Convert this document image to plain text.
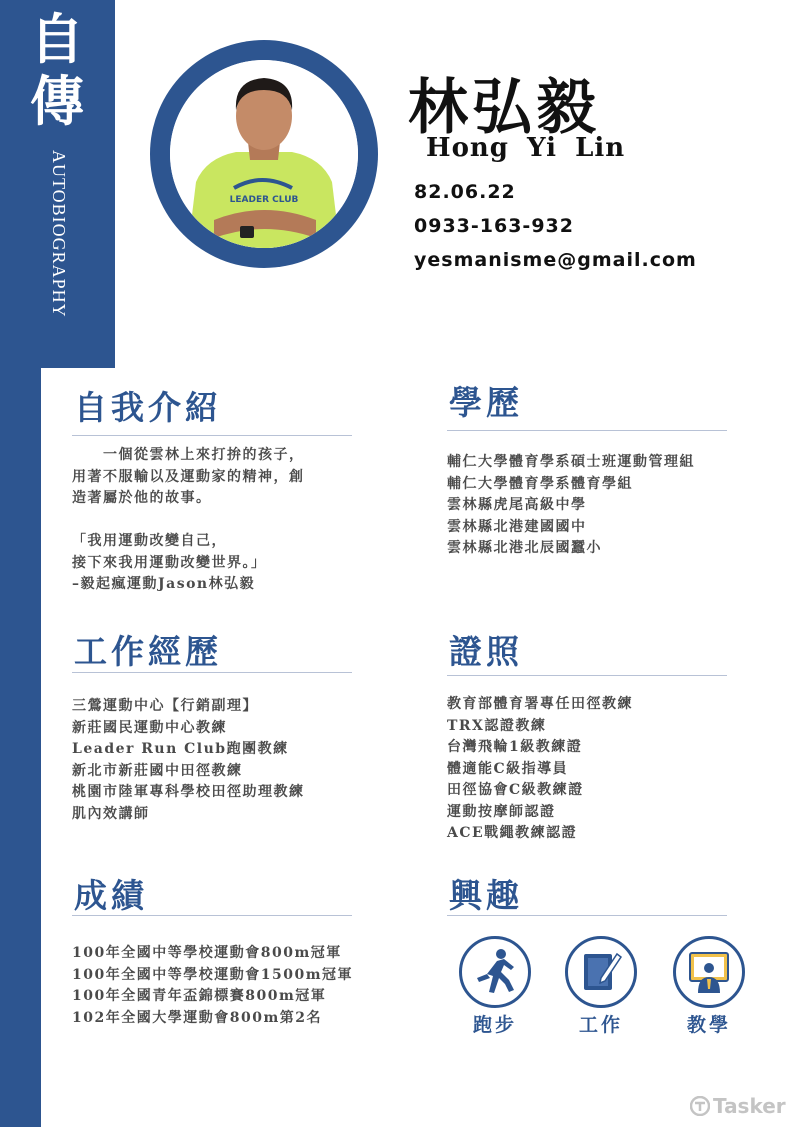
自傳
AUTOBIOGRAPHY	LEADER CLUB
林弘毅
Hong Yi Lin
82.06.22
0933-163-932
yesmanisme@gmail.com
自我介紹
　　一個從雲林上來打拚的孩子，
用著不服輸以及運動家的精神，創
造著屬於他的故事。
「我用運動改變自己，
接下來我用運動改變世界。」
–毅起瘋運動Jason林弘毅
學歷
輔仁大學體育學系碩士班運動管理組
輔仁大學體育學系體育學組
雲林縣虎尾高級中學
雲林縣北港建國國中
雲林縣北港北辰國蠶小
工作經歷
三鶯運動中心【行銷副理】
新莊國民運動中心教練
Leader Run Club跑團教練
新北市新莊國中田徑教練
桃園市陸軍專科學校田徑助理教練
肌內效講師
證照
教育部體育署專任田徑教練
TRX認證教練
台灣飛輪1級教練證
體適能C級指導員
田徑協會C級教練證
運動按摩師認證
ACE戰繩教練認證
成績
100年全國中等學校運動會800m冠軍
100年全國中等學校運動會1500m冠軍
100年全國青年盃錦標賽800m冠軍
102年全國大學運動會800m第2名
興趣
跑步	工作	教學
Tasker
